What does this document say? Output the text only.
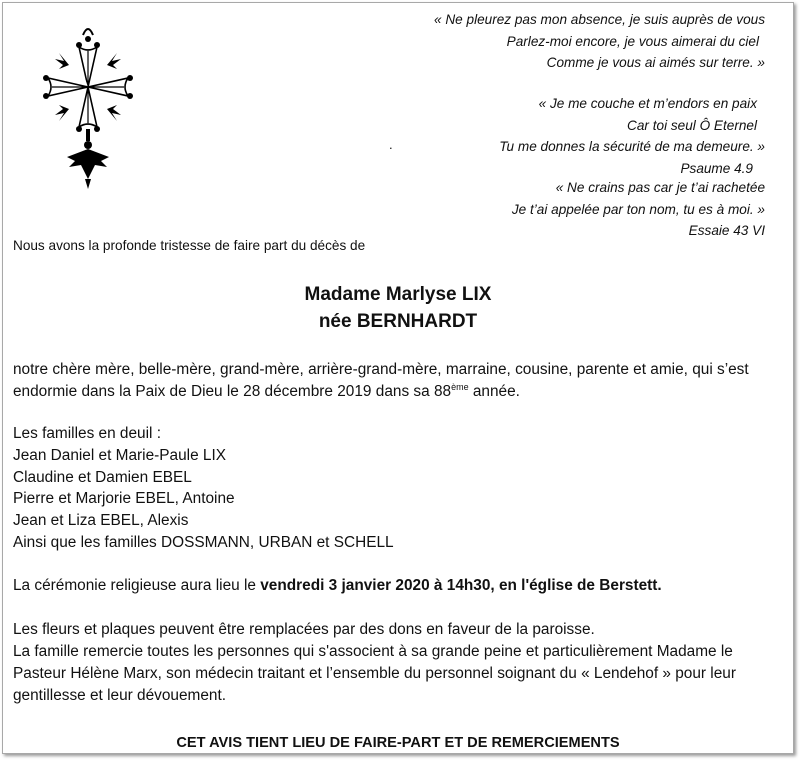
« Ne pleurez pas mon absence, je suis auprès de vous
Parlez-moi encore, je vous aimerai du ciel
Comme je vous ai aimés sur terre. »
.
« Je me couche et m’endors en paix
Car toi seul Ô Eternel
Tu me donnes la sécurité de ma demeure. »
Psaume 4.9
« Ne crains pas car je t’ai rachetée
Je t’ai appelée par ton nom, tu es à moi. »
Essaie 43 VI

Nous avons la profonde tristesse de faire part du décès de

Madame Marlyse LIX
née BERNHARDT

notre chère mère, belle-mère, grand-mère, arrière-grand-mère, marraine, cousine, parente et amie, qui s’est endormie dans la Paix de Dieu le 28 décembre 2019 dans sa 88ème année.

Les familles en deuil :
Jean Daniel et Marie-Paule LIX
Claudine et Damien EBEL
Pierre et Marjorie EBEL, Antoine
Jean et Liza EBEL, Alexis
Ainsi que les familles DOSSMANN, URBAN et SCHELL

La cérémonie religieuse aura lieu le vendredi 3 janvier 2020 à 14h30, en l'église de Berstett.

Les fleurs et plaques peuvent être remplacées par des dons en faveur de la paroisse.

La famille remercie toutes les personnes qui s'associent à sa grande peine et particulièrement Madame le Pasteur Hélène Marx, son médecin traitant et l’ensemble du personnel soignant du « Lendehof » pour leur gentillesse et leur dévouement.

CET AVIS TIENT LIEU DE FAIRE-PART ET DE REMERCIEMENTS
